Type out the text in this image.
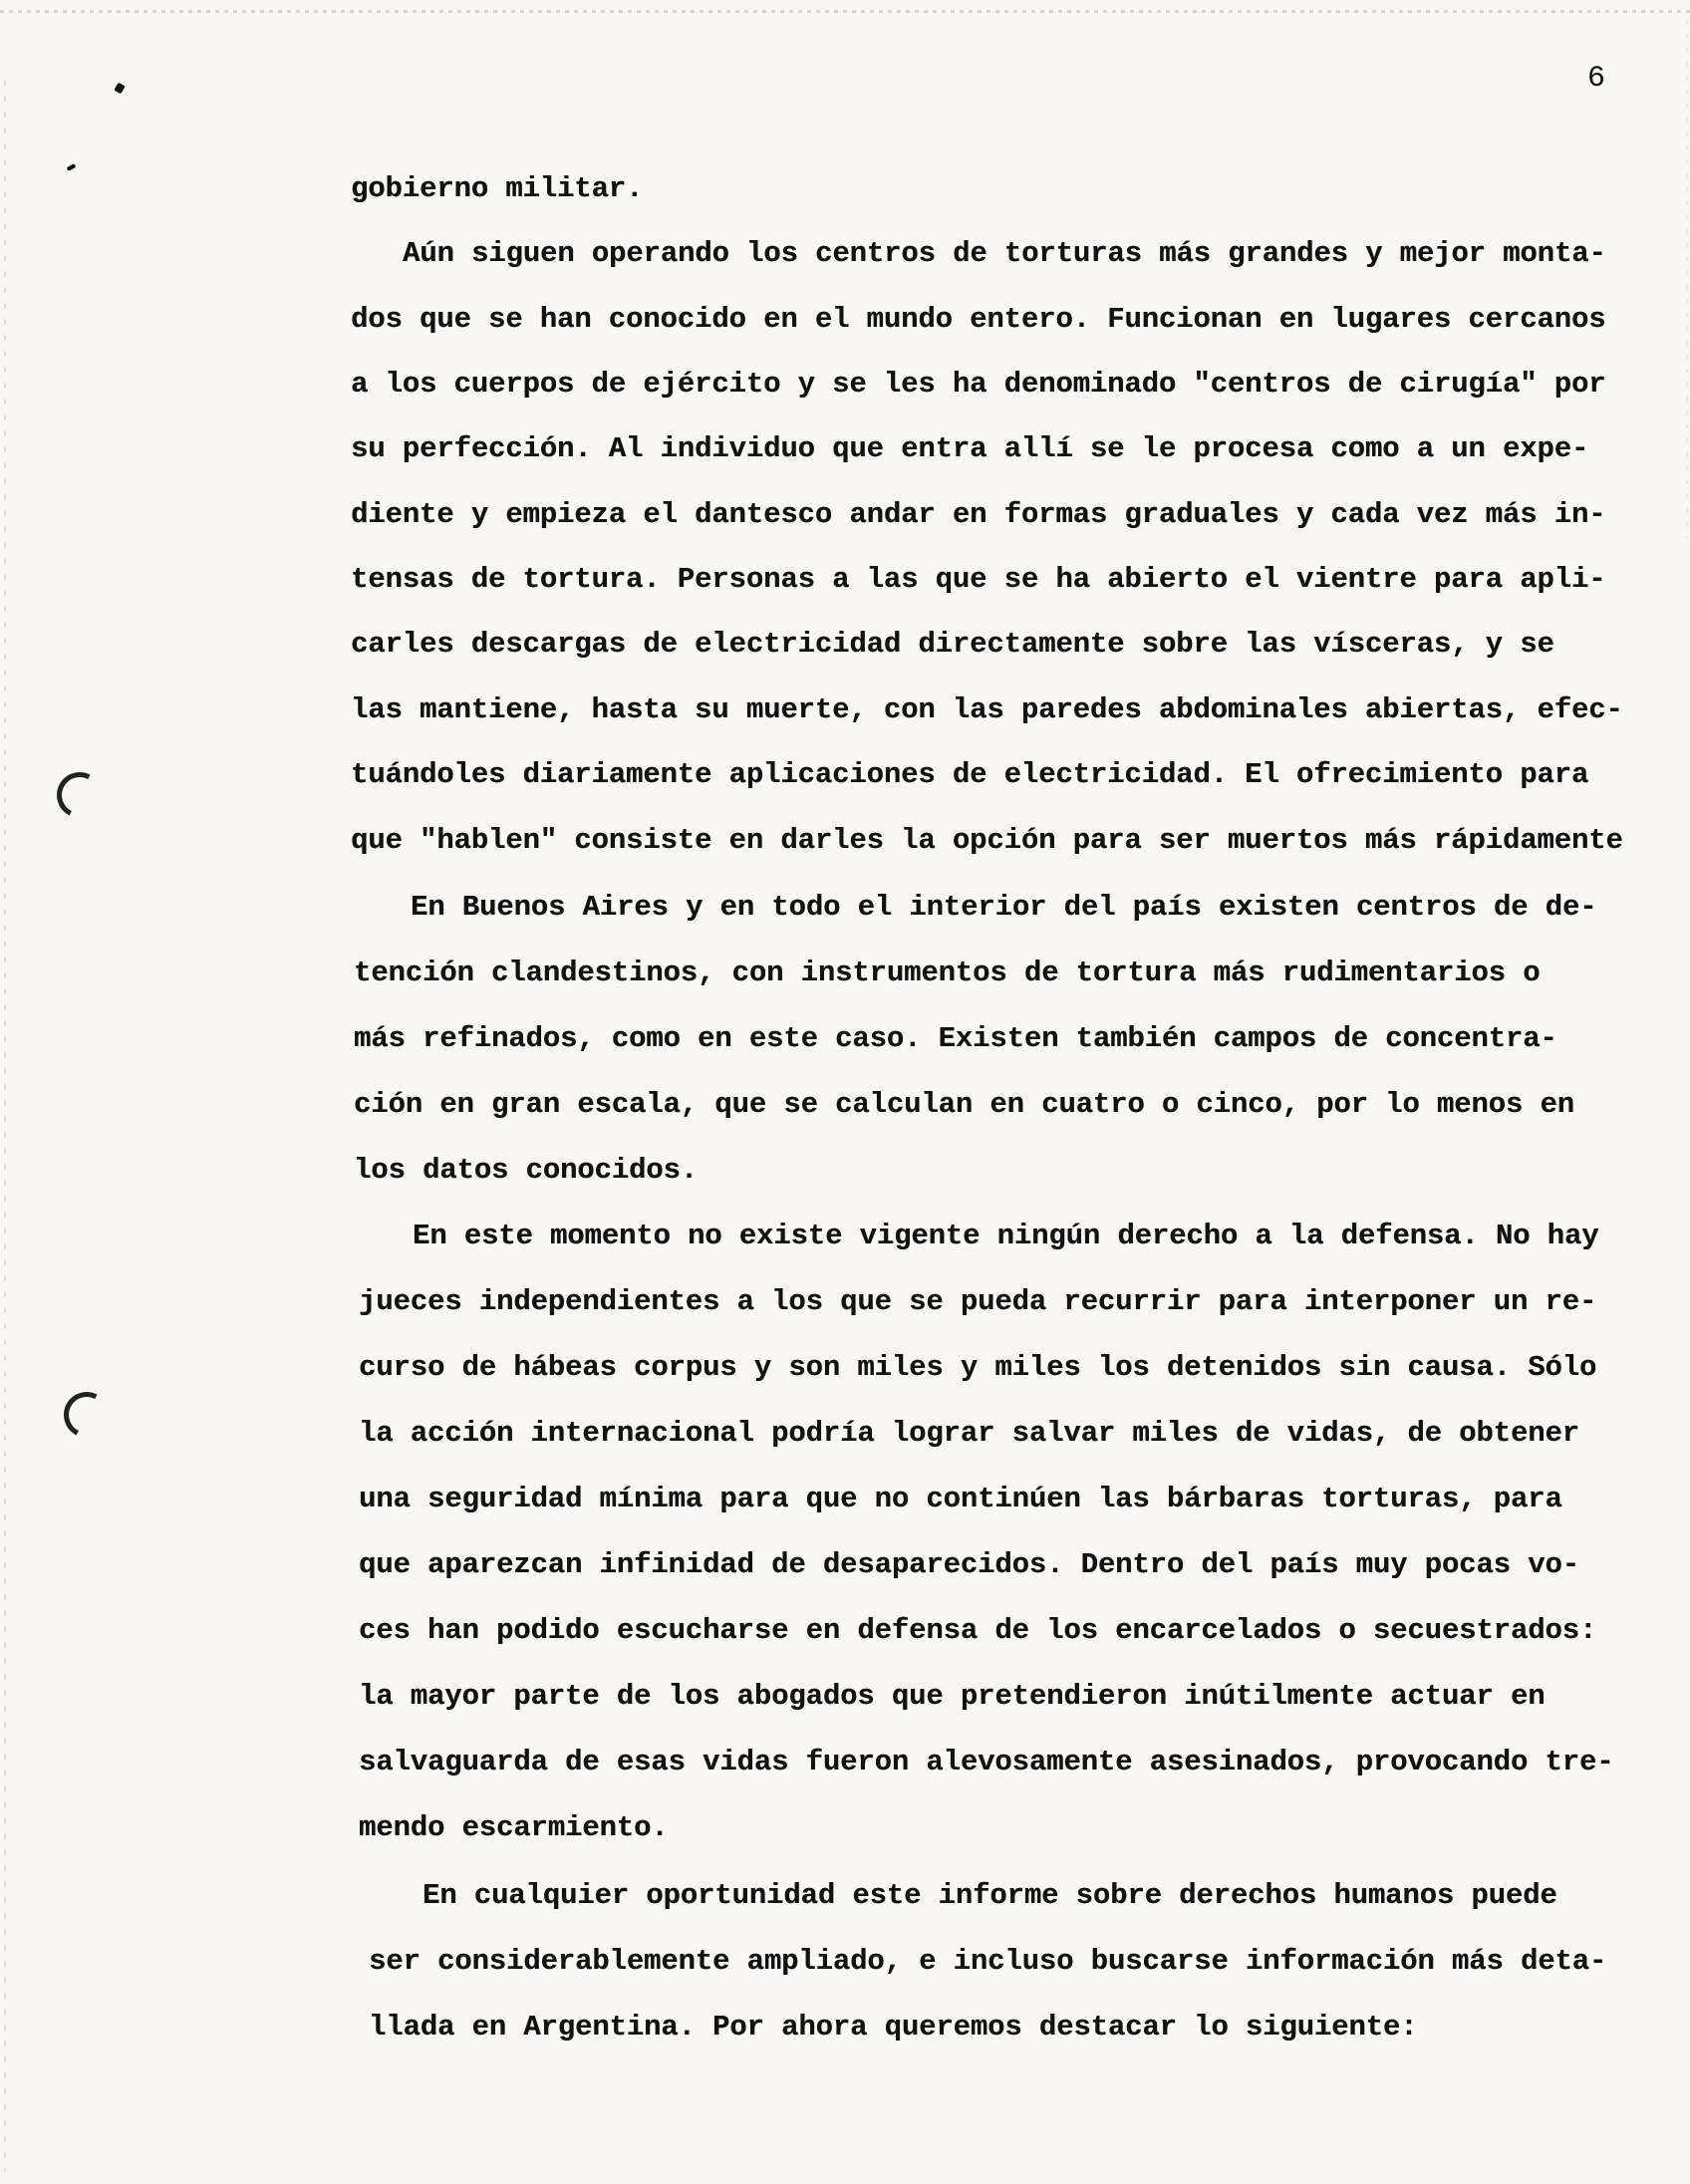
6
gobierno militar.
Aún siguen operando los centros de torturas más grandes y mejor monta-
dos que se han conocido en el mundo entero. Funcionan en lugares cercanos
a los cuerpos de ejército y se les ha denominado "centros de cirugía" por
su perfección. Al individuo que entra allí se le procesa como a un expe-
diente y empieza el dantesco andar en formas graduales y cada vez más in-
tensas de tortura. Personas a las que se ha abierto el vientre para apli-
carles descargas de electricidad directamente sobre las vísceras, y se
las mantiene, hasta su muerte, con las paredes abdominales abiertas, efec-
tuándoles diariamente aplicaciones de electricidad. El ofrecimiento para
que "hablen" consiste en darles la opción para ser muertos más rápidamente
En Buenos Aires y en todo el interior del país existen centros de de-
tención clandestinos, con instrumentos de tortura más rudimentarios o
más refinados, como en este caso. Existen también campos de concentra-
ción en gran escala, que se calculan en cuatro o cinco, por lo menos en
los datos conocidos.
En este momento no existe vigente ningún derecho a la defensa. No hay
jueces independientes a los que se pueda recurrir para interponer un re-
curso de hábeas corpus y son miles y miles los detenidos sin causa. Sólo
la acción internacional podría lograr salvar miles de vidas, de obtener
una seguridad mínima para que no continúen las bárbaras torturas, para
que aparezcan infinidad de desaparecidos. Dentro del país muy pocas vo-
ces han podido escucharse en defensa de los encarcelados o secuestrados:
la mayor parte de los abogados que pretendieron inútilmente actuar en
salvaguarda de esas vidas fueron alevosamente asesinados, provocando tre-
mendo escarmiento.
En cualquier oportunidad este informe sobre derechos humanos puede
ser considerablemente ampliado, e incluso buscarse información más deta-
llada en Argentina. Por ahora queremos destacar lo siguiente:
